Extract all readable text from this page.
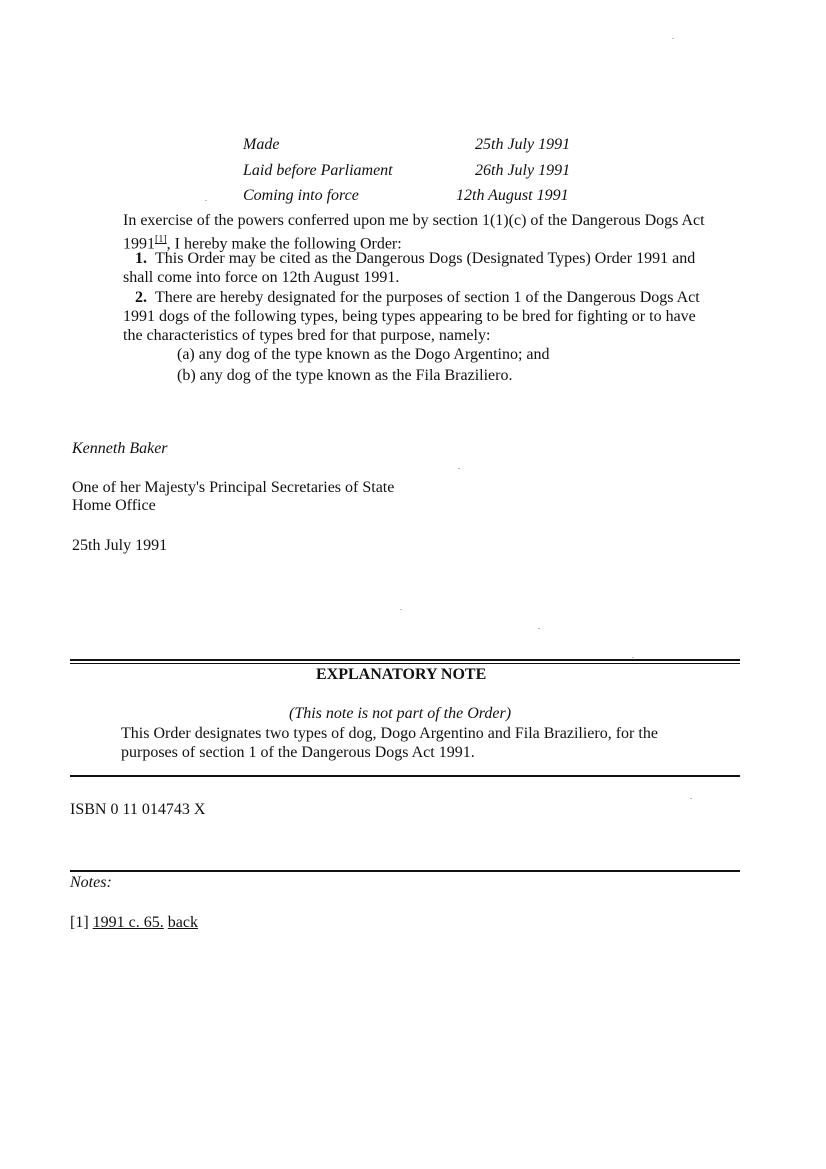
Made	25th July 1991
Laid before Parliament	26th July 1991
Coming into force	12th August 1991
In exercise of the powers conferred upon me by section 1(1)(c) of the Dangerous Dogs Act
1991[1], I hereby make the following Order:
1. This Order may be cited as the Dangerous Dogs (Designated Types) Order 1991 and
shall come into force on 12th August 1991.
2. There are hereby designated for the purposes of section 1 of the Dangerous Dogs Act
1991 dogs of the following types, being types appearing to be bred for fighting or to have
the characteristics of types bred for that purpose, namely:
(a) any dog of the type known as the Dogo Argentino; and
(b) any dog of the type known as the Fila Braziliero.
Kenneth Baker
One of her Majesty's Principal Secretaries of State
Home Office
25th July 1991
EXPLANATORY NOTE
(This note is not part of the Order)
This Order designates two types of dog, Dogo Argentino and Fila Braziliero, for the
purposes of section 1 of the Dangerous Dogs Act 1991.
ISBN 0 11 014743 X
Notes:
[1] 1991 c. 65. back
